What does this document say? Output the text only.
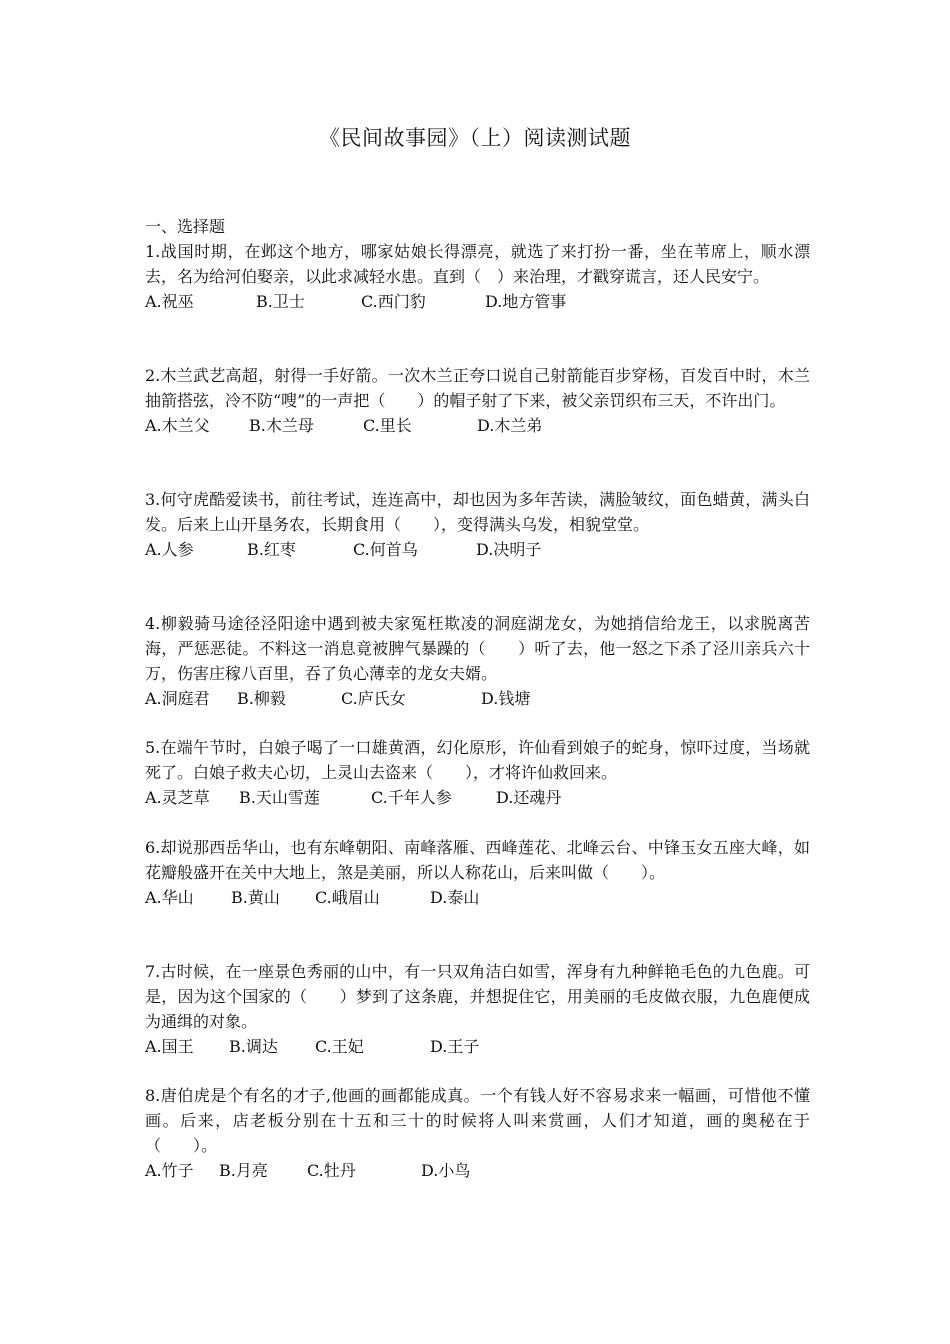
《民间故事园》（上）阅读测试题
一、选择题

1.战国时期，在邺这个地方，哪家姑娘长得漂亮，就选了来打扮一番，坐在苇席上，顺水漂去，名为给河伯娶亲，以此求减轻水患。直到（　）来治理，才戳穿谎言，还人民安宁。

A.祝巫	B.卫士	C.西门豹	D.地方管事

2.木兰武艺高超，射得一手好箭。一次木兰正夸口说自己射箭能百步穿杨，百发百中时，木兰抽箭搭弦，冷不防“嗖”的一声把（　　）的帽子射了下来，被父亲罚织布三天，不许出门。

A.木兰父 B.木兰母	C.里长	D.木兰弟

3.何守虎酷爱读书，前往考试，连连高中，却也因为多年苦读，满脸皱纹，面色蜡黄，满头白发。后来上山开垦务农，长期食用（　　），变得满头乌发，相貌堂堂。

A.人参	B.红枣	C.何首乌	D.决明子

4.柳毅骑马途径泾阳途中遇到被夫家冤枉欺凌的洞庭湖龙女，为她捎信给龙王，以求脱离苦海，严惩恶徒。不料这一消息竟被脾气暴躁的（　　）听了去，他一怒之下杀了泾川亲兵六十万，伤害庄稼八百里，吞了负心薄幸的龙女夫婿。

A.洞庭君 B.柳毅	C.庐氏女	D.钱塘

5.在端午节时，白娘子喝了一口雄黄酒，幻化原形，许仙看到娘子的蛇身，惊吓过度，当场就死了。白娘子救夫心切，上灵山去盗来（　　），才将许仙救回来。

A.灵芝草 B.天山雪莲	C.千年人参	D.还魂丹

6.却说那西岳华山，也有东峰朝阳、南峰落雁、西峰莲花、北峰云台、中锋玉女五座大峰，如花瓣般盛开在关中大地上，煞是美丽，所以人称花山，后来叫做（　　）。

A.华山 B.黄山 C.峨眉山	D.泰山

7.古时候，在一座景色秀丽的山中，有一只双角洁白如雪，浑身有九种鲜艳毛色的九色鹿。可是，因为这个国家的（　　）梦到了这条鹿，并想捉住它，用美丽的毛皮做衣服，九色鹿便成为通缉的对象。

A.国王 B.调达 C.王妃	D.王子

8.唐伯虎是个有名的才子,他画的画都能成真。一个有钱人好不容易求来一幅画，可惜他不懂画。后来，店老板分别在十五和三十的时候将人叫来赏画，人们才知道，画的奥秘在于（　　）。

A.竹子 B.月亮 C.牡丹	D.小鸟
